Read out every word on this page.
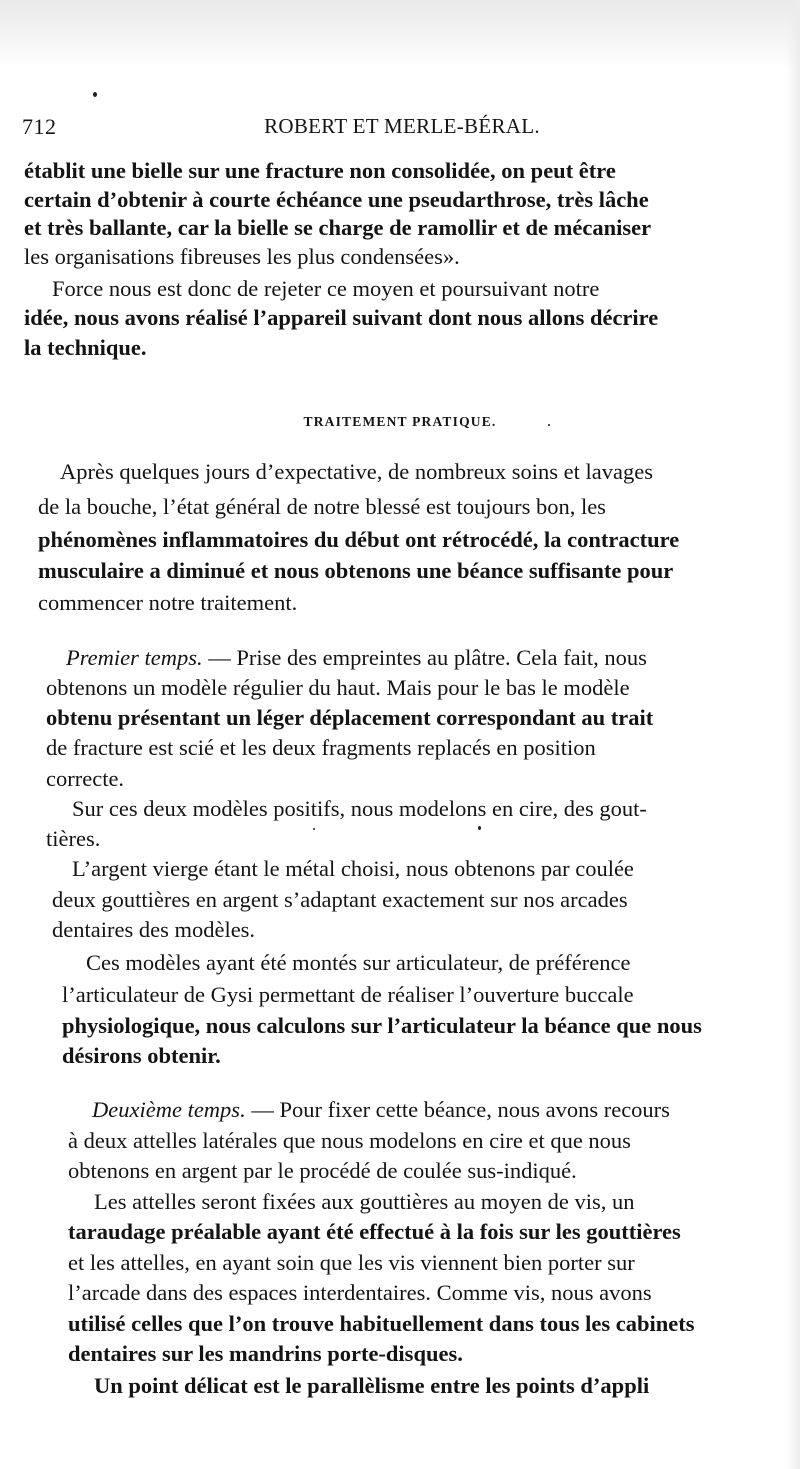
712	ROBERT ET MERLE-BÉRAL.
établit une bielle sur une fracture non consolidée, on peut être
certain d’obtenir à courte échéance une pseudarthrose, très lâche
et très ballante, car la bielle se charge de ramollir et de mécaniser
les organisations fibreuses les plus condensées».
Force nous est donc de rejeter ce moyen et poursuivant notre
idée, nous avons réalisé l’appareil suivant dont nous allons décrire
la technique.
TRAITEMENT PRATIQUE.
Après quelques jours d’expectative, de nombreux soins et lavages
de la bouche, l’état général de notre blessé est toujours bon, les
phénomènes inflammatoires du début ont rétrocédé, la contracture
musculaire a diminué et nous obtenons une béance suffisante pour
commencer notre traitement.
Premier temps. — Prise des empreintes au plâtre. Cela fait, nous
obtenons un modèle régulier du haut. Mais pour le bas le modèle
obtenu présentant un léger déplacement correspondant au trait
de fracture est scié et les deux fragments replacés en position
correcte.
Sur ces deux modèles positifs, nous modelons en cire, des gout-
tières.
L’argent vierge étant le métal choisi, nous obtenons par coulée
deux gouttières en argent s’adaptant exactement sur nos arcades
dentaires des modèles.
Ces modèles ayant été montés sur articulateur, de préférence
l’articulateur de Gysi permettant de réaliser l’ouverture buccale
physiologique, nous calculons sur l’articulateur la béance que nous
désirons obtenir.
Deuxième temps. — Pour fixer cette béance, nous avons recours
à deux attelles latérales que nous modelons en cire et que nous
obtenons en argent par le procédé de coulée sus-indiqué.
Les attelles seront fixées aux gouttières au moyen de vis, un
taraudage préalable ayant été effectué à la fois sur les gouttières
et les attelles, en ayant soin que les vis viennent bien porter sur
l’arcade dans des espaces interdentaires. Comme vis, nous avons
utilisé celles que l’on trouve habituellement dans tous les cabinets
dentaires sur les mandrins porte-disques.
Un point délicat est le parallèlisme entre les points d’appli
